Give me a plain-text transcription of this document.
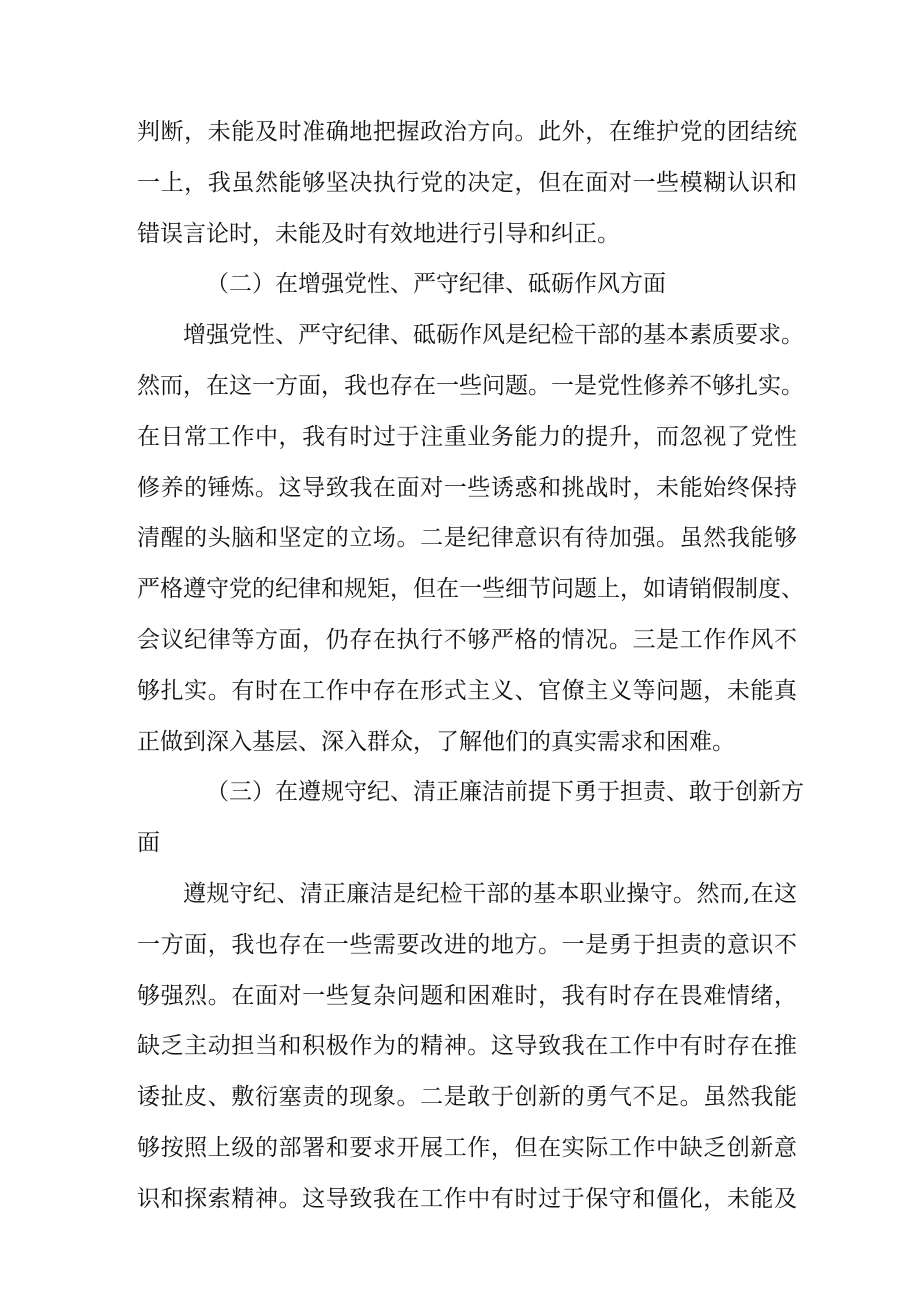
判断，未能及时准确地把握政治方向。此外，在维护党的团结统
一上，我虽然能够坚决执行党的决定，但在面对一些模糊认识和
错误言论时，未能及时有效地进行引导和纠正。
（二）在增强党性、严守纪律、砥砺作风方面
增强党性、严守纪律、砥砺作风是纪检干部的基本素质要求。
然而，在这一方面，我也存在一些问题。一是党性修养不够扎实。
在日常工作中，我有时过于注重业务能力的提升，而忽视了党性
修养的锤炼。这导致我在面对一些诱惑和挑战时，未能始终保持
清醒的头脑和坚定的立场。二是纪律意识有待加强。虽然我能够
严格遵守党的纪律和规矩，但在一些细节问题上，如请销假制度、
会议纪律等方面，仍存在执行不够严格的情况。三是工作作风不
够扎实。有时在工作中存在形式主义、官僚主义等问题，未能真
正做到深入基层、深入群众，了解他们的真实需求和困难。
（三）在遵规守纪、清正廉洁前提下勇于担责、敢于创新方
面
遵规守纪、清正廉洁是纪检干部的基本职业操守。然而,在这
一方面，我也存在一些需要改进的地方。一是勇于担责的意识不
够强烈。在面对一些复杂问题和困难时，我有时存在畏难情绪，
缺乏主动担当和积极作为的精神。这导致我在工作中有时存在推
诿扯皮、敷衍塞责的现象。二是敢于创新的勇气不足。虽然我能
够按照上级的部署和要求开展工作，但在实际工作中缺乏创新意
识和探索精神。这导致我在工作中有时过于保守和僵化，未能及
